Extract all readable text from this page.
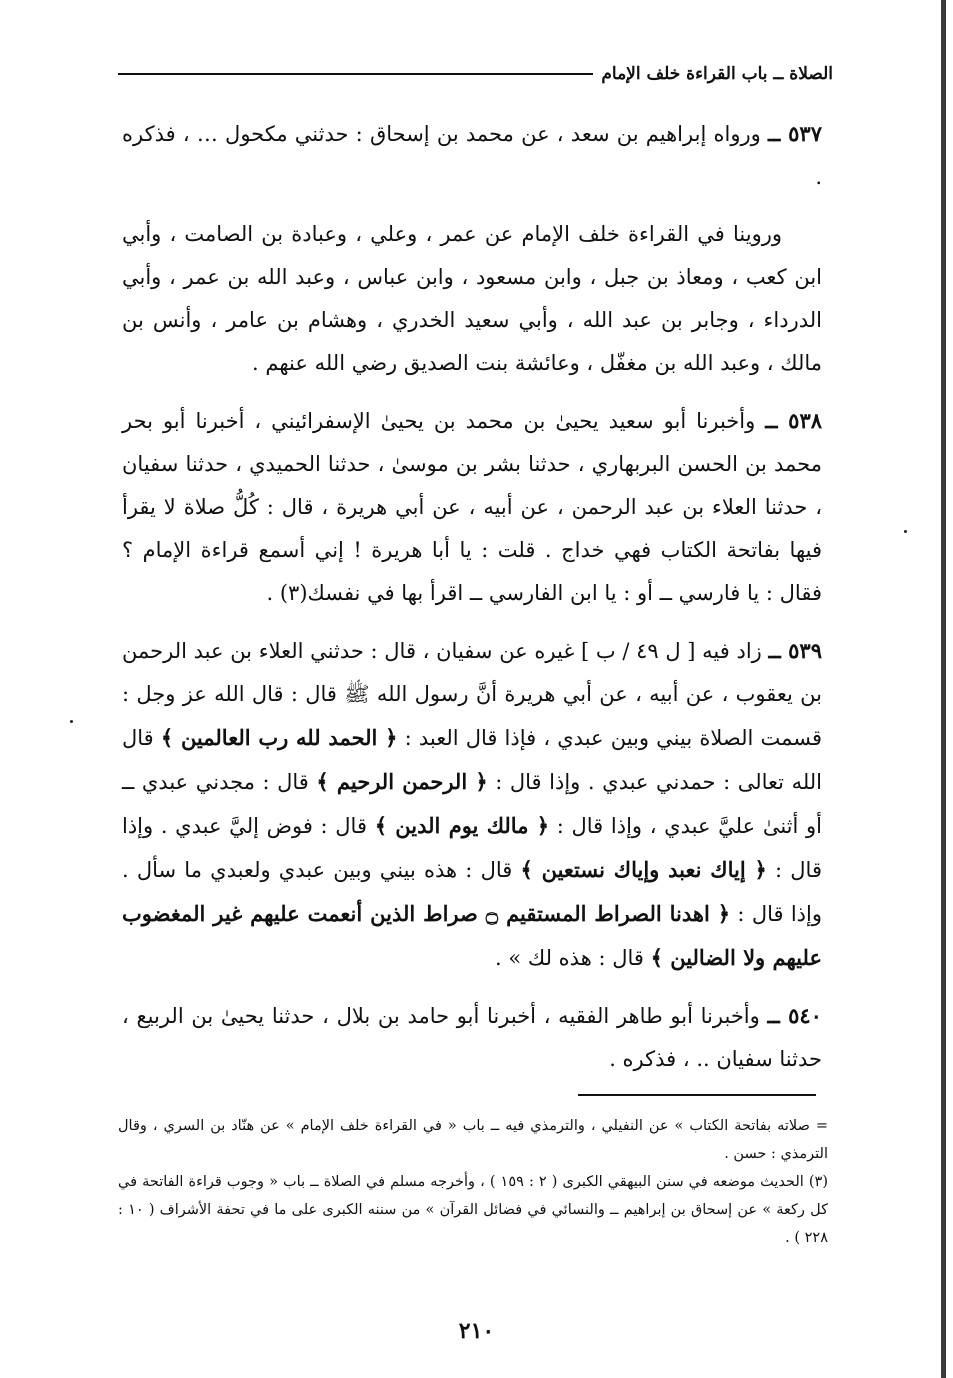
الصلاة ــ باب القراءة خلف الإمام

٥٣٧ ــ ورواه إبراهيم بن سعد ، عن محمد بن إسحاق : حدثني مكحول … ، فذكره .

وروينا في القراءة خلف الإمام عن عمر ، وعلي ، وعبادة بن الصامت ، وأبي ابن كعب ، ومعاذ بن جبل ، وابن مسعود ، وابن عباس ، وعبد الله بن عمر ، وأبي الدرداء ، وجابر بن عبد الله ، وأبي سعيد الخدري ، وهشام بن عامر ، وأنس بن مالك ، وعبد الله بن مغفّل ، وعائشة بنت الصديق رضي الله عنهم .

٥٣٨ ــ وأخبرنا أبو سعيد يحيىٰ بن محمد بن يحيىٰ الإسفرائيني ، أخبرنا أبو بحر محمد بن الحسن البربهاري ، حدثنا بشر بن موسىٰ ، حدثنا الحميدي ، حدثنا سفيان ، حدثنا العلاء بن عبد الرحمن ، عن أبيه ، عن أبي هريرة ، قال : كُلُّ صلاة لا يقرأ فيها بفاتحة الكتاب فهي خداج . قلت : يا أبا هريرة ! إني أسمع قراءة الإمام ؟ فقال : يا فارسي ــ أو : يا ابن الفارسي ــ اقرأ بها في نفسك(٣) .

٥٣٩ ــ زاد فيه [ ل ٤٩ / ب ] غيره عن سفيان ، قال : حدثني العلاء بن عبد الرحمن بن يعقوب ، عن أبيه ، عن أبي هريرة أنَّ رسول الله ﷺ قال : قال الله عز وجل : قسمت الصلاة بيني وبين عبدي ، فإذا قال العبد : ﴿ الحمد لله رب العالمين ﴾ قال الله تعالى : حمدني عبدي . وإذا قال : ﴿ الرحمن الرحيم ﴾ قال : مجدني عبدي ــ أو أثنىٰ عليَّ عبدي ، وإذا قال : ﴿ مالك يوم الدين ﴾ قال : فوض إليَّ عبدي . وإذا قال : ﴿ إياك نعبد وإياك نستعين ﴾ قال : هذه بيني وبين عبدي ولعبدي ما سأل . وإذا قال : ﴿ اهدنا الصراط المستقيم ۝ صراط الذين أنعمت عليهم غير المغضوب عليهم ولا الضالين ﴾ قال : هذه لك » .

٥٤٠ ــ وأخبرنا أبو طاهر الفقيه ، أخبرنا أبو حامد بن بلال ، حدثنا يحيىٰ بن الربيع ، حدثنا سفيان .. ، فذكره .

= صلاته بفاتحة الكتاب » عن النفيلي ، والترمذي فيه ــ باب « في القراءة خلف الإمام » عن هنّاد بن السري ، وقال الترمذي : حسن .

(٣) الحديث موضعه في سنن البيهقي الكبرى ( ٢ : ١٥٩ ) ، وأخرجه مسلم في الصلاة ــ باب « وجوب قراءة الفاتحة في كل ركعة » عن إسحاق بن إبراهيم ــ والنسائي في فضائل القرآن » من سننه الكبرى على ما في تحفة الأشراف ( ١٠ : ٢٢٨ ) .

٢١٠
